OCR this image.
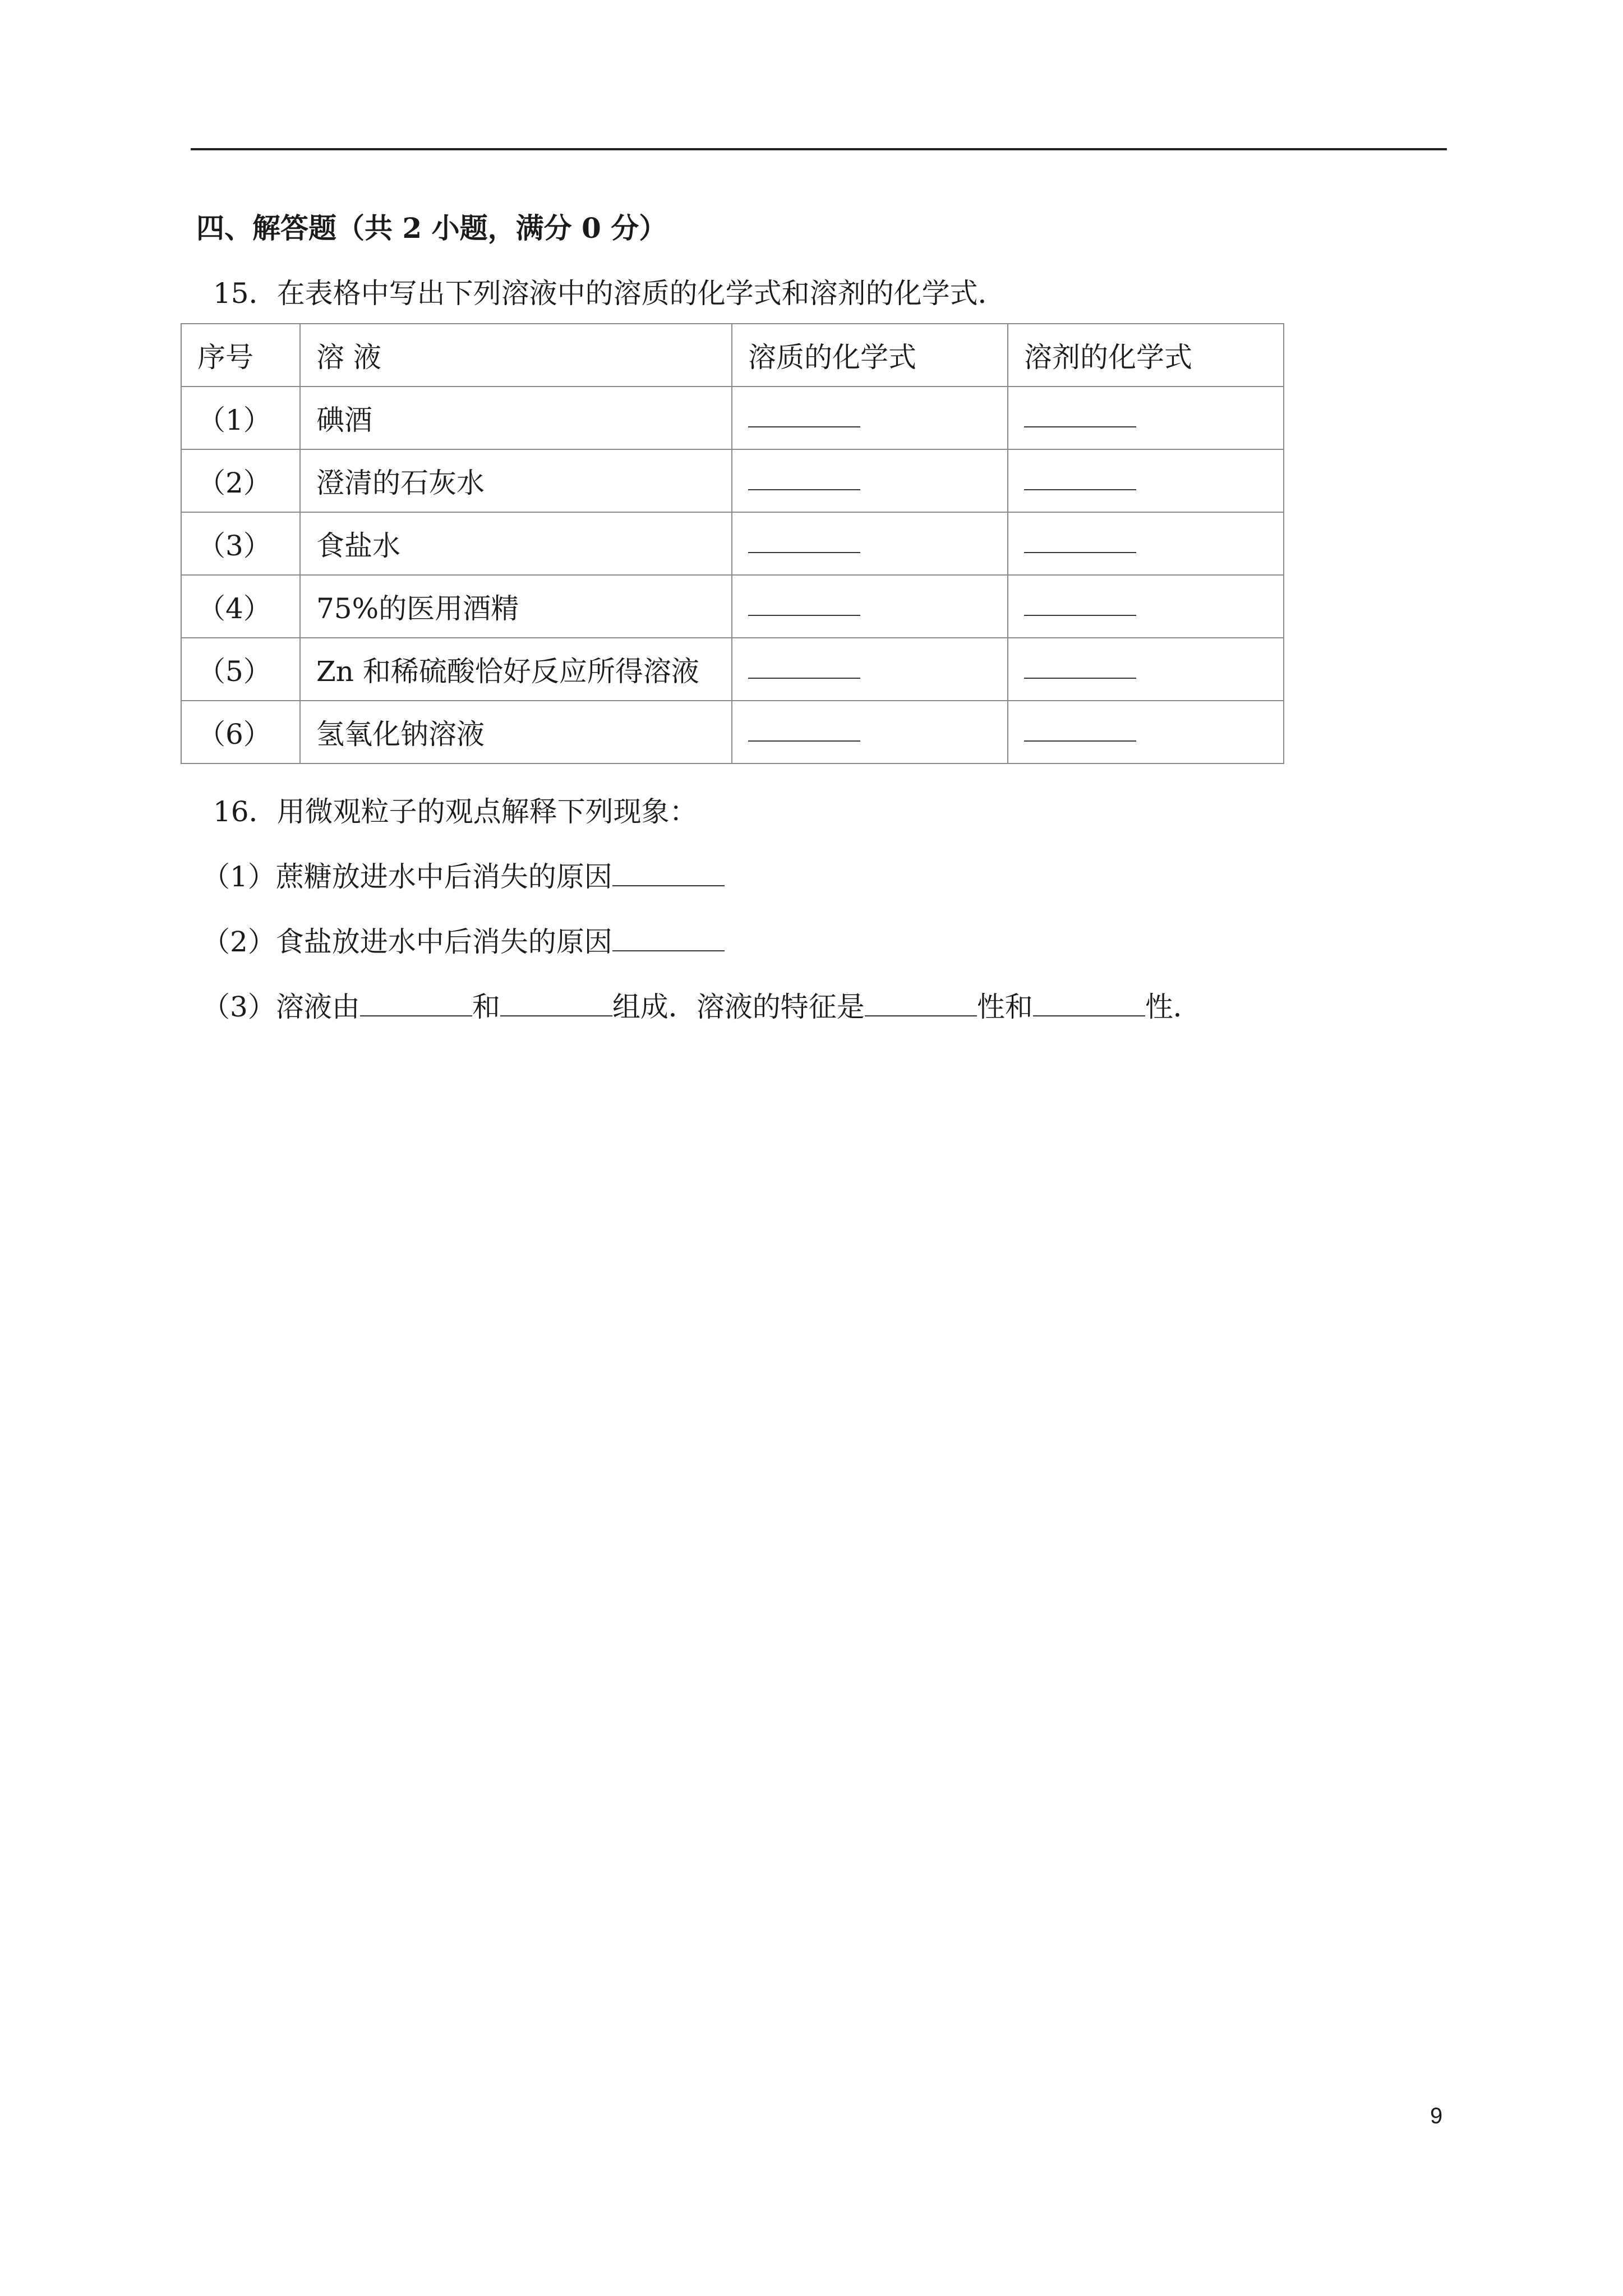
四、解答题（共 2 小题，满分 0 分）
15．在表格中写出下列溶液中的溶质的化学式和溶剂的化学式．
序号	溶 液	溶质的化学式	溶剂的化学式
（1）	碘酒		
（2）	澄清的石灰水		
（3）	食盐水		
（4）	75%的医用酒精		
（5）	Zn 和稀硫酸恰好反应所得溶液		
（6）	氢氧化钠溶液		
16．用微观粒子的观点解释下列现象：
（1）蔗糖放进水中后消失的原因
（2）食盐放进水中后消失的原因
（3）溶液由	和	组成．溶液的特征是	性和	性．
9
